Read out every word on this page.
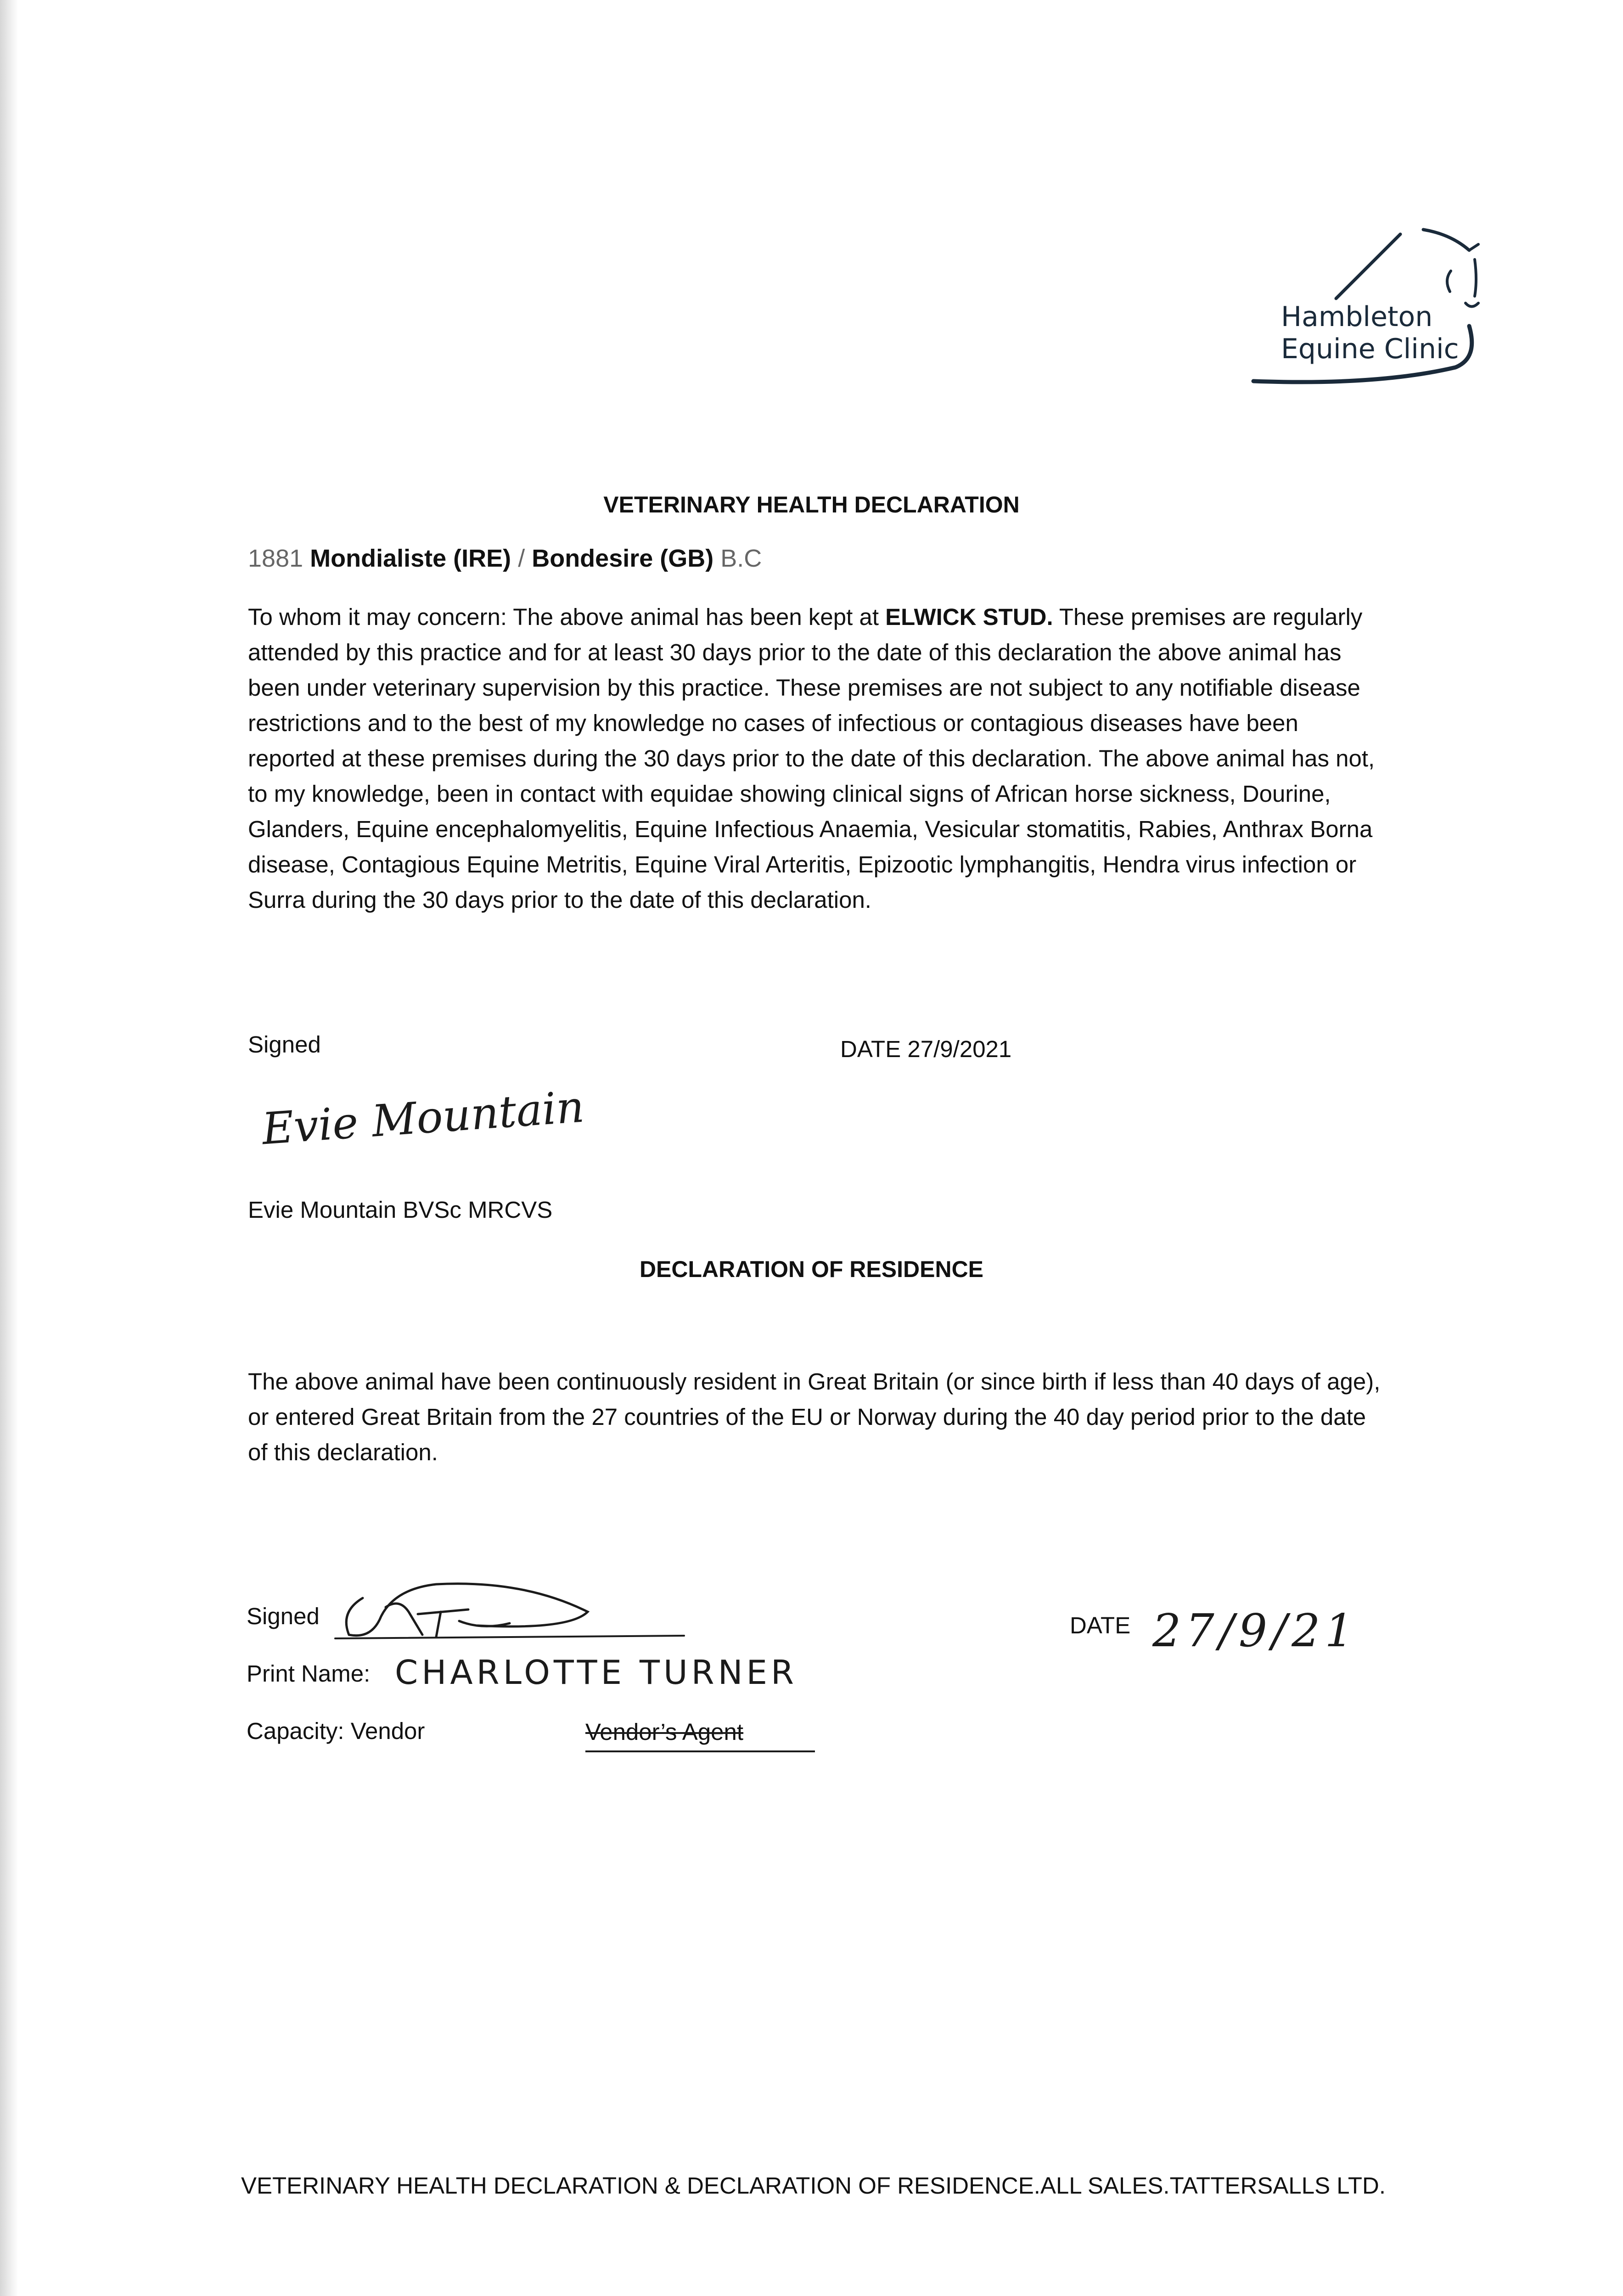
Hambleton
Equine Clinic
VETERINARY HEALTH DECLARATION
1881 Mondialiste (IRE) / Bondesire (GB) B.C
To whom it may concern: The above animal has been kept at ELWICK STUD. These premises are regularly attended by this practice and for at least 30 days prior to the date of this declaration the above animal has been under veterinary supervision by this practice. These premises are not subject to any notifiable disease restrictions and to the best of my knowledge no cases of infectious or contagious diseases have been reported at these premises during the 30 days prior to the date of this declaration. The above animal has not, to my knowledge, been in contact with equidae showing clinical signs of African horse sickness, Dourine, Glanders, Equine encephalomyelitis, Equine Infectious Anaemia, Vesicular stomatitis, Rabies, Anthrax Borna disease, Contagious Equine Metritis, Equine Viral Arteritis, Epizootic lymphangitis, Hendra virus infection or Surra during the 30 days prior to the date of this declaration.
Signed	DATE 27/9/2021
Evie Mountain
Evie Mountain BVSc MRCVS
DECLARATION OF RESIDENCE
The above animal have been continuously resident in Great Britain (or since birth if less than 40 days of age), or entered Great Britain from the 27 countries of the EU or Norway during the 40 day period prior to the date of this declaration.
Signed	DATE 27/9/21
Print Name: CHARLOTTE TURNER
Capacity: Vendor	Vendor’s Agent
VETERINARY HEALTH DECLARATION & DECLARATION OF RESIDENCE.ALL SALES.TATTERSALLS LTD.
